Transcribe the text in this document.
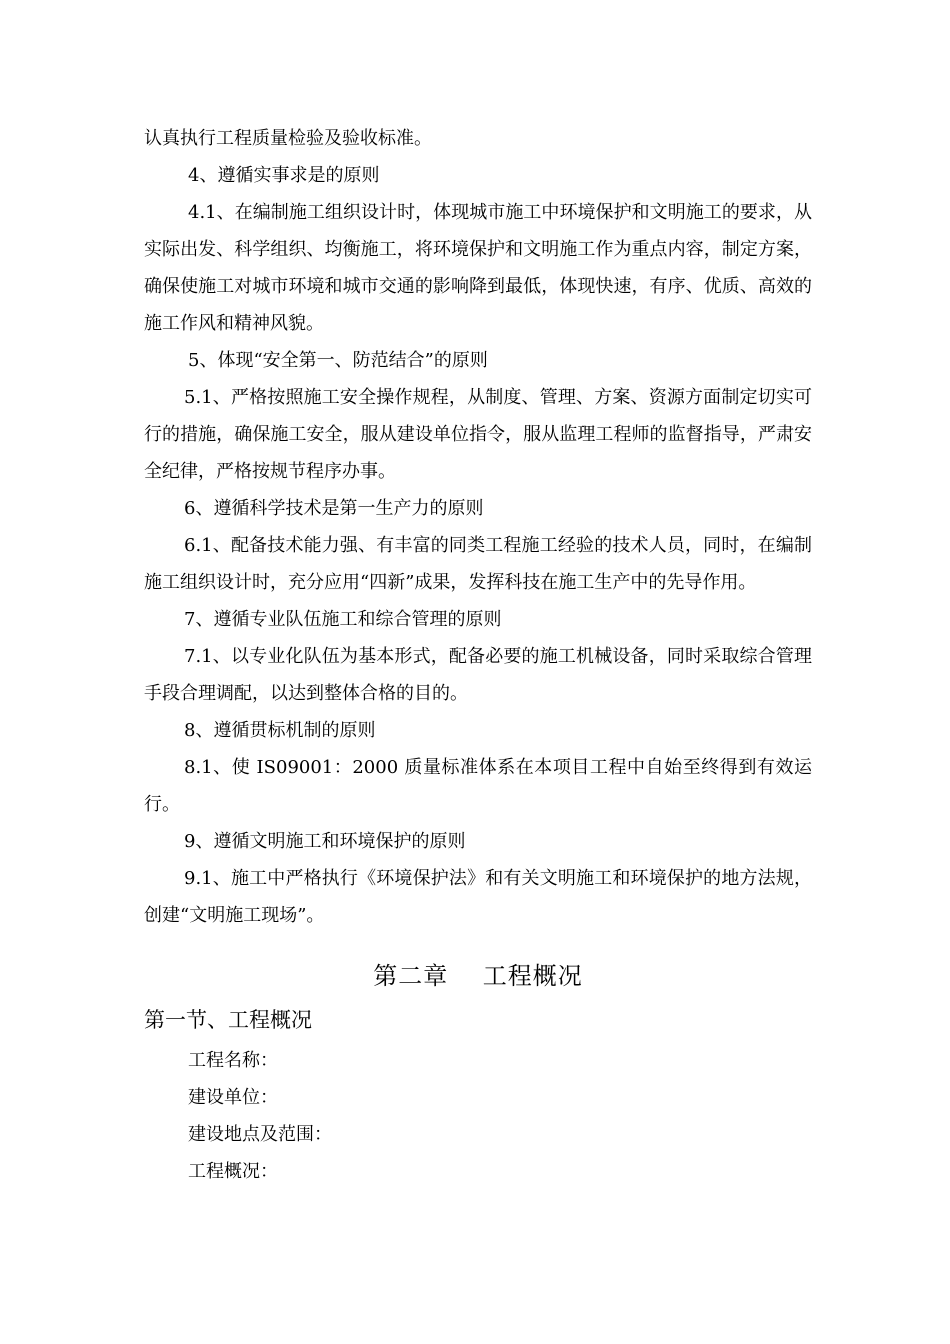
认真执行工程质量检验及验收标准。

4、遵循实事求是的原则

4.1、在编制施工组织设计时，体现城市施工中环境保护和文明施工的要求，从实际出发、科学组织、均衡施工，将环境保护和文明施工作为重点内容，制定方案，确保使施工对城市环境和城市交通的影响降到最低，体现快速，有序、优质、高效的施工作风和精神风貌。

5、体现“安全第一、防范结合”的原则

5.1、严格按照施工安全操作规程，从制度、管理、方案、资源方面制定切实可行的措施，确保施工安全，服从建设单位指令，服从监理工程师的监督指导，严肃安全纪律，严格按规节程序办事。

6、遵循科学技术是第一生产力的原则

6.1、配备技术能力强、有丰富的同类工程施工经验的技术人员，同时，在编制施工组织设计时，充分应用“四新”成果，发挥科技在施工生产中的先导作用。

7、遵循专业队伍施工和综合管理的原则

7.1、以专业化队伍为基本形式，配备必要的施工机械设备，同时采取综合管理手段合理调配，以达到整体合格的目的。

8、遵循贯标机制的原则

8.1、使 IS09001：2000 质量标准体系在本项目工程中自始至终得到有效运行。

9、遵循文明施工和环境保护的原则

9.1、施工中严格执行《环境保护法》和有关文明施工和环境保护的地方法规，创建“文明施工现场”。

第二章    工程概况
第一节、工程概况

工程名称：

建设单位：

建设地点及范围：

工程概况：
